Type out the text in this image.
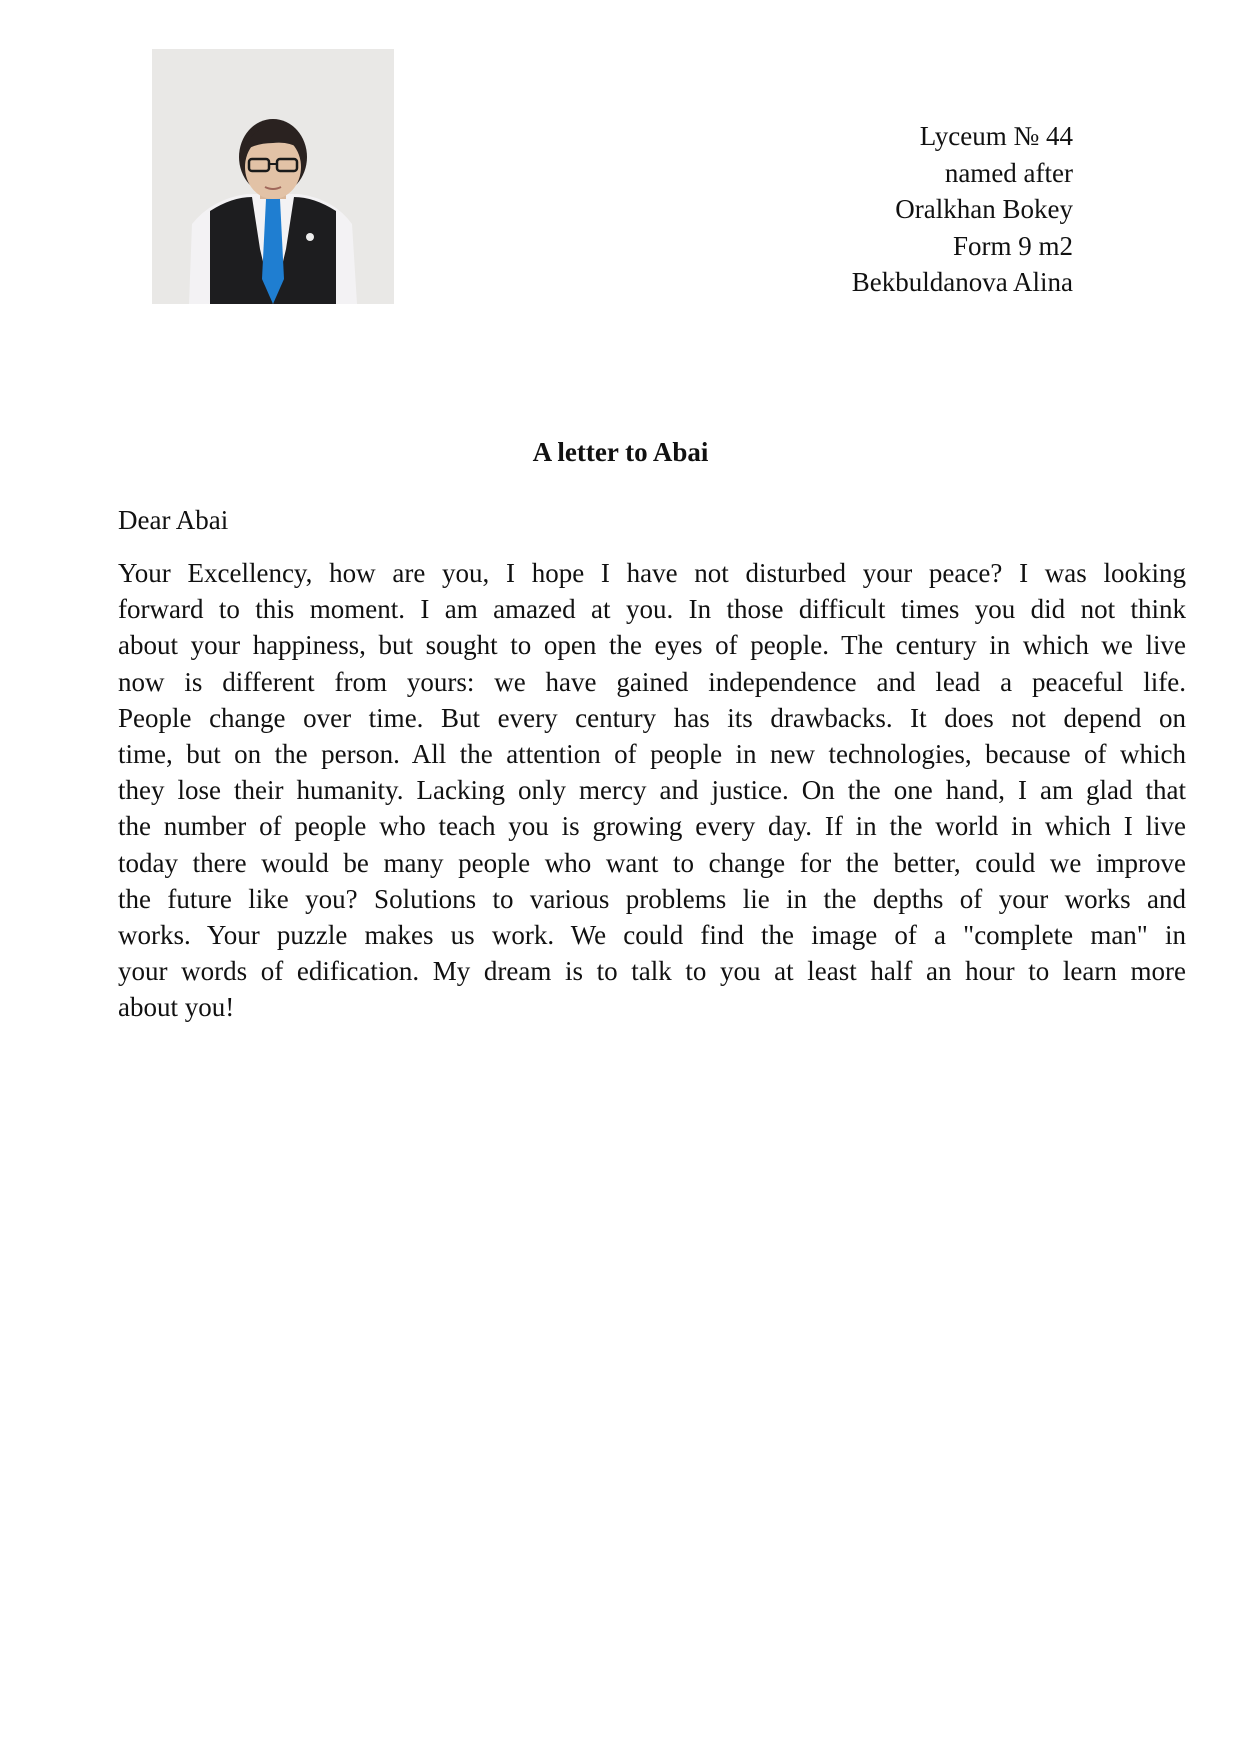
Lyceum № 44
named after
Oralkhan Bokey
Form 9 m2
Bekbuldanova Alina
A letter to Abai

Dear Abai

Your Excellency, how are you, I hope I have not disturbed your peace? I was looking
forward to this moment. I am amazed at you. In those difficult times you did not think
about your happiness, but sought to open the eyes of people. The century in which we live
now is different from yours: we have gained independence and lead a peaceful life.
People change over time. But every century has its drawbacks. It does not depend on
time, but on the person. All the attention of people in new technologies, because of which
they lose their humanity. Lacking only mercy and justice. On the one hand, I am glad that
the number of people who teach you is growing every day. If in the world in which I live
today there would be many people who want to change for the better, could we improve
the future like you? Solutions to various problems lie in the depths of your works and
works. Your puzzle makes us work. We could find the image of a "complete man" in
your words of edification. My dream is to talk to you at least half an hour to learn more
about you!
